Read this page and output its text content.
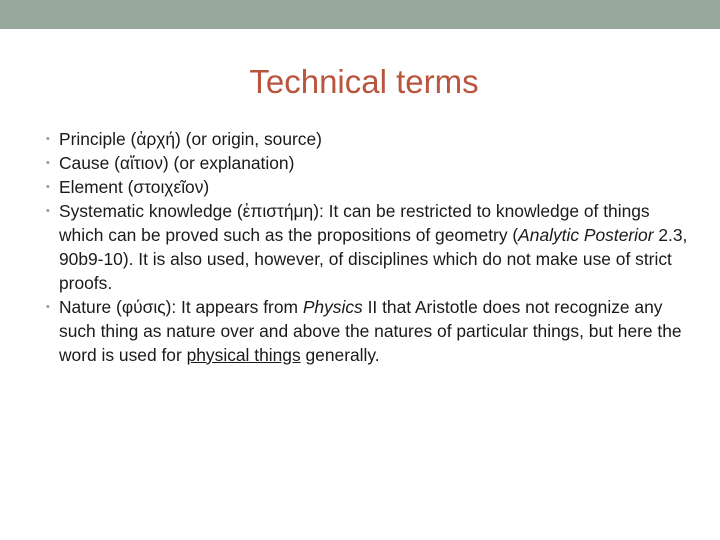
Technical terms
• Principle (ἀρχή) (or origin, source)
• Cause (αἴτιον) (or explanation)
• Element (στοιχεῖον)
• Systematic knowledge (ἐπιστήμη): It can be restricted to knowledge of things which can be proved such as the propositions of geometry (Analytic Posterior 2.3, 90b9-10). It is also used, however, of disciplines which do not make use of strict proofs.
• Nature (φύσις): It appears from Physics II that Aristotle does not recognize any such thing as nature over and above the natures of particular things, but here the word is used for physical things generally.
